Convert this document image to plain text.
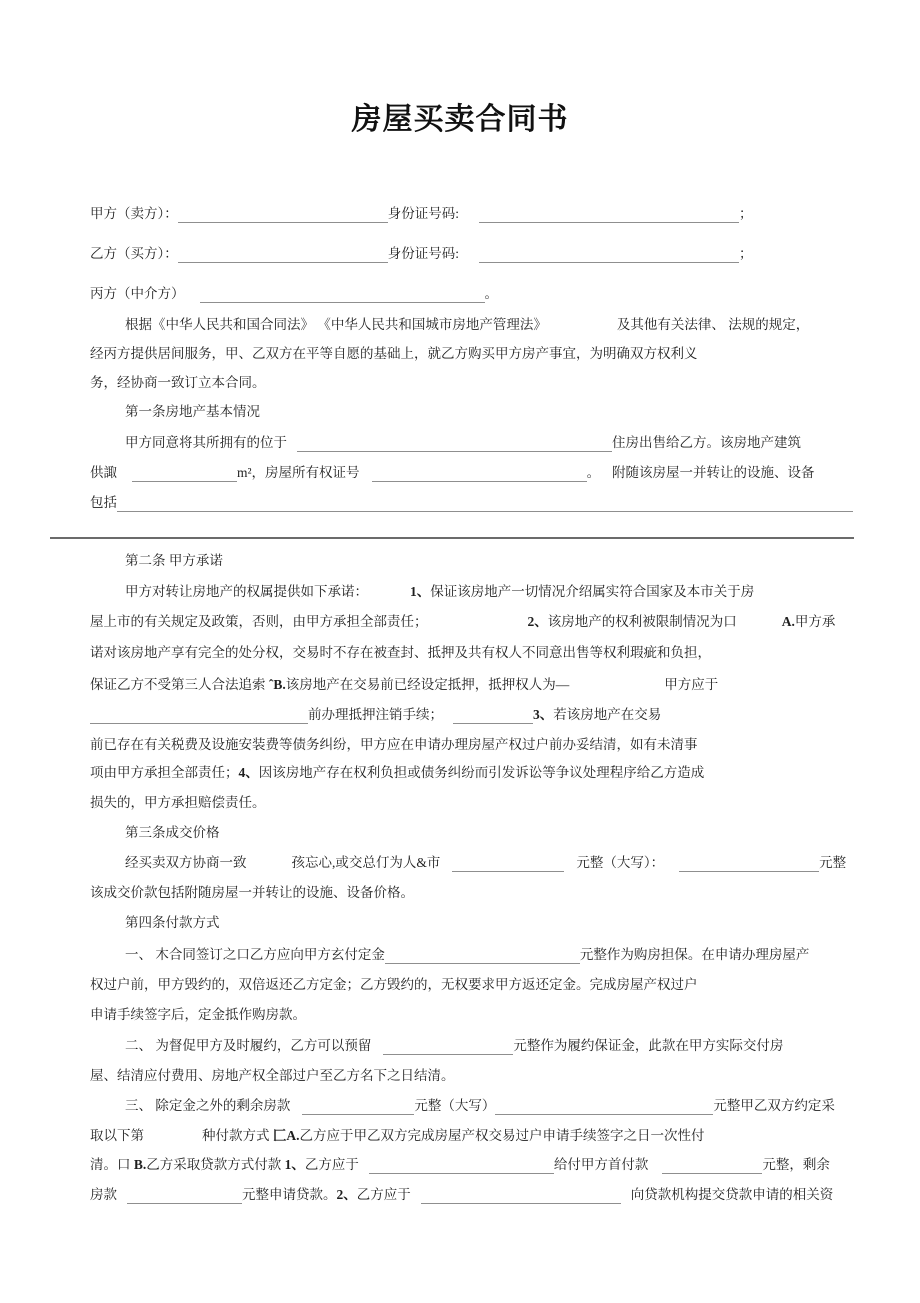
房屋买卖合同书
甲方（卖方）：	身份证号码:	；
乙方（买方）：	身份证号码:	；
丙方（中介方）	。
根据《中华人民共和国合同法》 《中华人民共和国城市房地产管理法》	及其他有关法律、 法规的规定，
经丙方提供居间服务，甲、乙双方在平等自愿的基础上，就乙方购买甲方房产事宜，为明确双方权利义
务，经协商一致订立本合同。
第一条房地产基本情况
甲方同意将其所拥有的位于	住房出售给乙方。该房地产建筑
供諏	m²，房屋所有权证号	。 附随该房屋一并转让的设施、设备
包括
第二条 甲方承诺
甲方对转让房地产的权属提供如下承诺：	1、 保证该房地产一切情况介绍属实符合国家及本市关于房
屋上市的有关规定及政策，否则，由甲方承担全部责任；	2、 该房地产的权利被限制情况为口	A. 甲方承
诺对该房地产享有完全的处分权，交易时不存在被查封、抵押及共有权人不同意出售等权利瑕疵和负担，
保证乙方不受第三人合法追索 ˆB. 该房地产在交易前已经设定抵押，抵押权人为—	甲方应于
前办理抵押注销手续；	3、 若该房地产在交易
前已存在有关税费及设施安装费等债务纠纷，甲方应在申请办理房屋产权过户前办妥结清，如有未清事
项由甲方承担全部责任； 4、 因该房地产存在权利负担或债务纠纷而引发诉讼等争议处理程序给乙方造成
损失的，甲方承担赔偿责任。
第三条成交价格
经买卖双方协商一致	孩忘心,或交总仃为人&市	元整（大写）：	元整
该成交价款包括附随房屋一并转让的设施、设备价格。
第四条付款方式
一、 木合同签订之口乙方应向甲方玄付定金	元整作为购房担保。在申请办理房屋产
权过户前，甲方毁约的，双倍返还乙方定金；乙方毁约的，无权要求甲方返还定金。完成房屋产权过户
申请手续签字后，定金抵作购房款。
二、 为督促甲方及时履约，乙方可以预留	元整作为履约保证金，此款在甲方实际交付房
屋、结清应付费用、房地产权全部过户至乙方名下之日结清。
三、 除定金之外的剩余房款	元整（大写）	元整甲乙双方约定采
取以下第	种付款方式 匚A. 乙方应于甲乙双方完成房屋产权交易过户申请手续签字之日一次性付
清。口 B. 乙方采取贷款方式付款 1、 乙方应于	给付甲方首付款	元整，剩余
房款	元整申请贷款。 2、 乙方应于	向贷款机构提交贷款申请的相关资
